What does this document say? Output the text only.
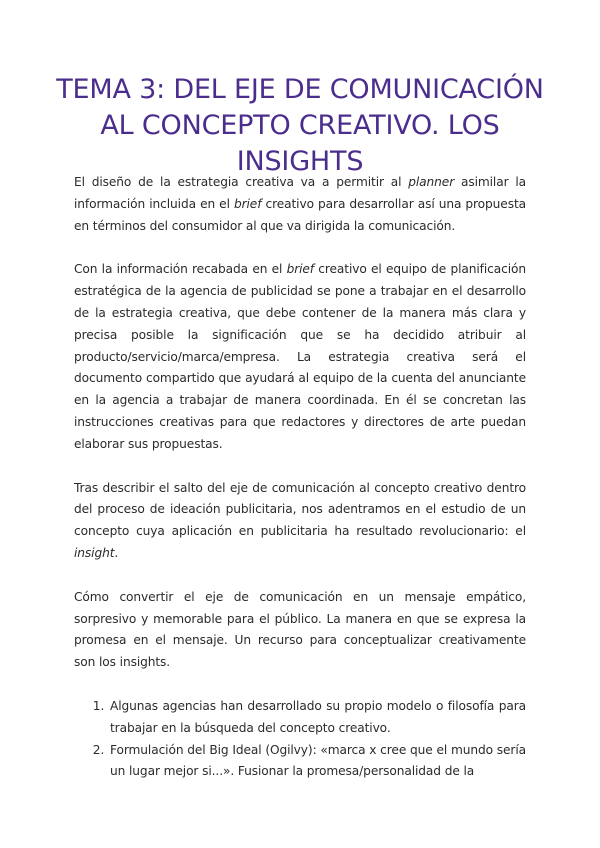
TEMA 3: DEL EJE DE COMUNICACIÓN AL CONCEPTO CREATIVO. LOS INSIGHTS

El diseño de la estrategia creativa va a permitir al planner asimilar la información incluida en el brief creativo para desarrollar así una propuesta en términos del consumidor al que va dirigida la comunicación.

Con la información recabada en el brief creativo el equipo de planificación estratégica de la agencia de publicidad se pone a trabajar en el desarrollo de la estrategia creativa, que debe contener de la manera más clara y precisa posible la significación que se ha decidido atribuir al producto/servicio/marca/empresa. La estrategia creativa será el documento compartido que ayudará al equipo de la cuenta del anunciante en la agencia a trabajar de manera coordinada. En él se concretan las instrucciones creativas para que redactores y directores de arte puedan elaborar sus propuestas.

Tras describir el salto del eje de comunicación al concepto creativo dentro del proceso de ideación publicitaria, nos adentramos en el estudio de un concepto cuya aplicación en publicitaria ha resultado revolucionario: el insight.

Cómo convertir el eje de comunicación en un mensaje empático, sorpresivo y memorable para el público. La manera en que se expresa la promesa en el mensaje. Un recurso para conceptualizar creativamente son los insights.

1. Algunas agencias han desarrollado su propio modelo o filosofía para trabajar en la búsqueda del concepto creativo.
2. Formulación del Big Ideal (Ogilvy): «marca x cree que el mundo sería un lugar mejor si...». Fusionar la promesa/personalidad de la
